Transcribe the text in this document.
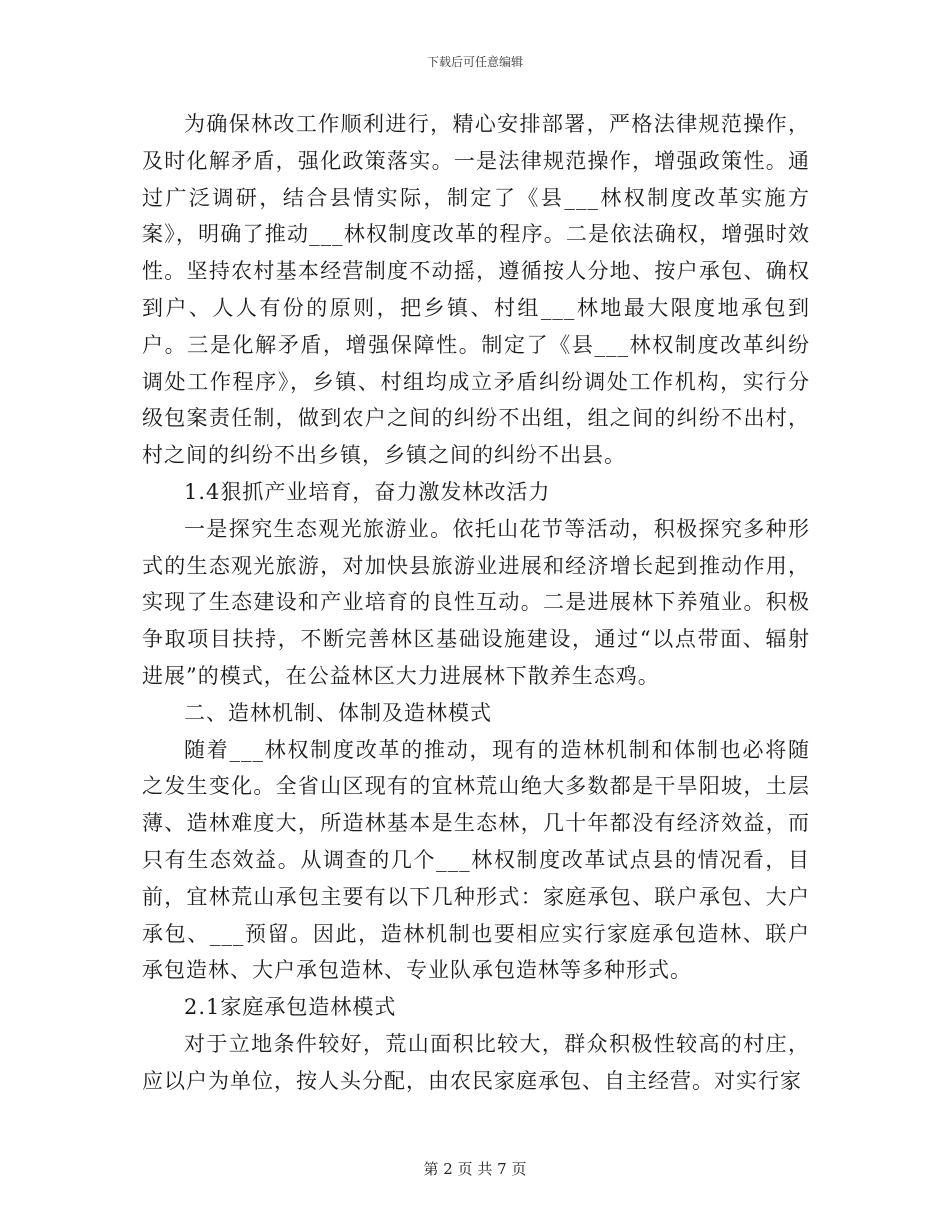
下载后可任意编辑

为确保林改工作顺利进行，精心安排部署，严格法律规范操作，及时化解矛盾，强化政策落实。一是法律规范操作，增强政策性。通过广泛调研，结合县情实际，制定了《县___林权制度改革实施方案》，明确了推动___林权制度改革的程序。二是依法确权，增强时效性。坚持农村基本经营制度不动摇，遵循按人分地、按户承包、确权到户、人人有份的原则，把乡镇、村组___林地最大限度地承包到户。三是化解矛盾，增强保障性。制定了《县___林权制度改革纠纷调处工作程序》，乡镇、村组均成立矛盾纠纷调处工作机构，实行分级包案责任制，做到农户之间的纠纷不出组，组之间的纠纷不出村，村之间的纠纷不出乡镇，乡镇之间的纠纷不出县。

1.4狠抓产业培育，奋力激发林改活力

一是探究生态观光旅游业。依托山花节等活动，积极探究多种形式的生态观光旅游，对加快县旅游业进展和经济增长起到推动作用，实现了生态建设和产业培育的良性互动。二是进展林下养殖业。积极争取项目扶持，不断完善林区基础设施建设，通过“以点带面、辐射进展”的模式，在公益林区大力进展林下散养生态鸡。

二、造林机制、体制及造林模式

随着___林权制度改革的推动，现有的造林机制和体制也必将随之发生变化。全省山区现有的宜林荒山绝大多数都是干旱阳坡，土层薄、造林难度大，所造林基本是生态林，几十年都没有经济效益，而只有生态效益。从调查的几个___林权制度改革试点县的情况看，目前，宜林荒山承包主要有以下几种形式：家庭承包、联户承包、大户承包、___预留。因此，造林机制也要相应实行家庭承包造林、联户承包造林、大户承包造林、专业队承包造林等多种形式。

2.1家庭承包造林模式

对于立地条件较好，荒山面积比较大，群众积极性较高的村庄，应以户为单位，按人头分配，由农民家庭承包、自主经营。对实行家

第 2 页 共 7 页
